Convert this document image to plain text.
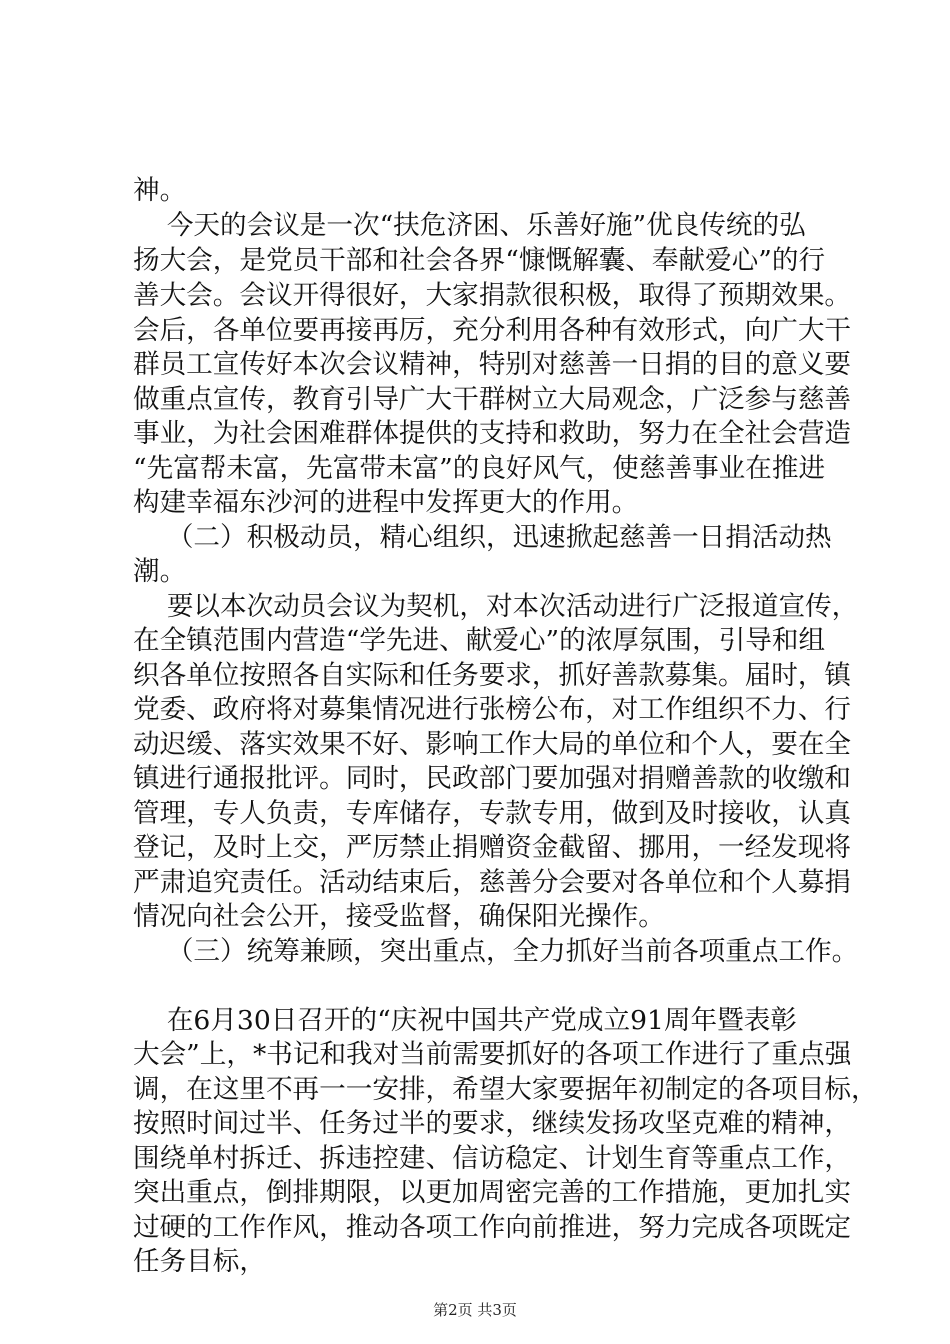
神。
今天的会议是一次“扶危济困、乐善好施”优良传统的弘
扬大会，是党员干部和社会各界“慷慨解囊、奉献爱心”的行
善大会。会议开得很好，大家捐款很积极，取得了预期效果。
会后，各单位要再接再厉，充分利用各种有效形式，向广大干
群员工宣传好本次会议精神，特别对慈善一日捐的目的意义要
做重点宣传，教育引导广大干群树立大局观念，广泛参与慈善
事业，为社会困难群体提供的支持和救助，努力在全社会营造
“先富帮未富，先富带未富”的良好风气，使慈善事业在推进
构建幸福东沙河的进程中发挥更大的作用。
（二）积极动员，精心组织，迅速掀起慈善一日捐活动热
潮。
要以本次动员会议为契机，对本次活动进行广泛报道宣传，
在全镇范围内营造“学先进、献爱心”的浓厚氛围，引导和组
织各单位按照各自实际和任务要求，抓好善款募集。届时，镇
党委、政府将对募集情况进行张榜公布，对工作组织不力、行
动迟缓、落实效果不好、影响工作大局的单位和个人，要在全
镇进行通报批评。同时，民政部门要加强对捐赠善款的收缴和
管理，专人负责，专库储存，专款专用，做到及时接收，认真
登记，及时上交，严厉禁止捐赠资金截留、挪用，一经发现将
严肃追究责任。活动结束后，慈善分会要对各单位和个人募捐
情况向社会公开，接受监督，确保阳光操作。
（三）统筹兼顾，突出重点，全力抓好当前各项重点工作。
在6月30日召开的“庆祝中国共产党成立91周年暨表彰
大会”上，*书记和我对当前需要抓好的各项工作进行了重点强
调，在这里不再一一安排，希望大家要据年初制定的各项目标，
按照时间过半、任务过半的要求，继续发扬攻坚克难的精神，
围绕单村拆迁、拆违控建、信访稳定、计划生育等重点工作，
突出重点，倒排期限，以更加周密完善的工作措施，更加扎实
过硬的工作作风，推动各项工作向前推进，努力完成各项既定
任务目标，
第2页 共3页
